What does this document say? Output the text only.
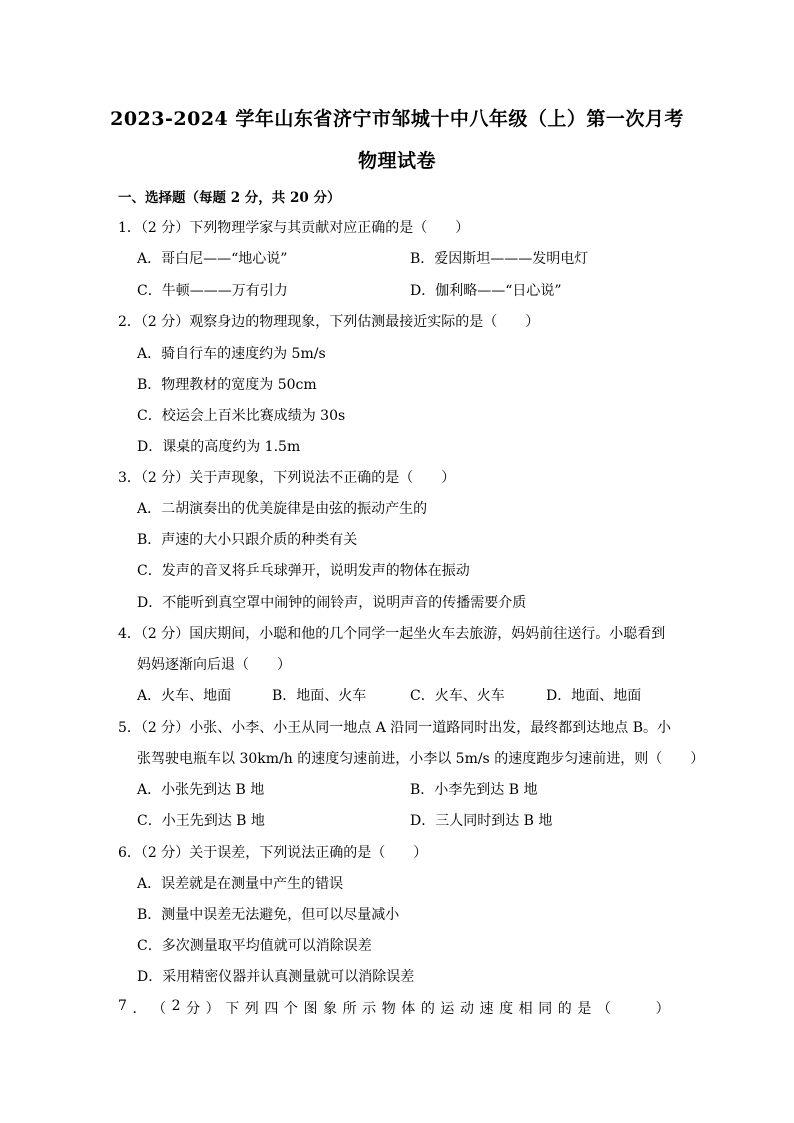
2023-2024 学年山东省济宁市邹城十中八年级（上）第一次月考
物理试卷
一、选择题（每题 2 分，共 20 分）
1．（2 分）下列物理学家与其贡献对应正确的是（　　）
A．哥白尼——“地心说”	B．爱因斯坦———发明电灯
C．牛顿———万有引力	D．伽利略——“日心说”
2．（2 分）观察身边的物理现象，下列估测最接近实际的是（　　）
A．骑自行车的速度约为 5m/s
B．物理教材的宽度为 50cm
C．校运会上百米比赛成绩为 30s
D．课桌的高度约为 1.5m
3．（2 分）关于声现象，下列说法不正确的是（　　）
A．二胡演奏出的优美旋律是由弦的振动产生的
B．声速的大小只跟介质的种类有关
C．发声的音叉将乒乓球弹开，说明发声的物体在振动
D．不能听到真空罩中闹钟的闹铃声，说明声音的传播需要介质
4．（2 分）国庆期间，小聪和他的几个同学一起坐火车去旅游，妈妈前往送行。小聪看到
妈妈逐渐向后退（　　）
A．火车、地面	B．地面、火车	C．火车、火车	D．地面、地面
5．（2 分）小张、小李、小王从同一地点 A 沿同一道路同时出发，最终都到达地点 B。小
张驾驶电瓶车以 30km/h 的速度匀速前进，小李以 5m/s 的速度跑步匀速前进，则（　　）
A．小张先到达 B 地	B．小李先到达 B 地
C．小王先到达 B 地	D．三人同时到达 B 地
6．（2 分）关于误差，下列说法正确的是（　　）
A．误差就是在测量中产生的错误
B．测量中误差无法避免，但可以尽量减小
C．多次测量取平均值就可以消除误差
D．采用精密仪器并认真测量就可以消除误差
7 ． （ 2 分 ） 下 列 四 个 图 象 所 示 物 体 的 运 动 速 度 相 同 的 是 （

　	）
